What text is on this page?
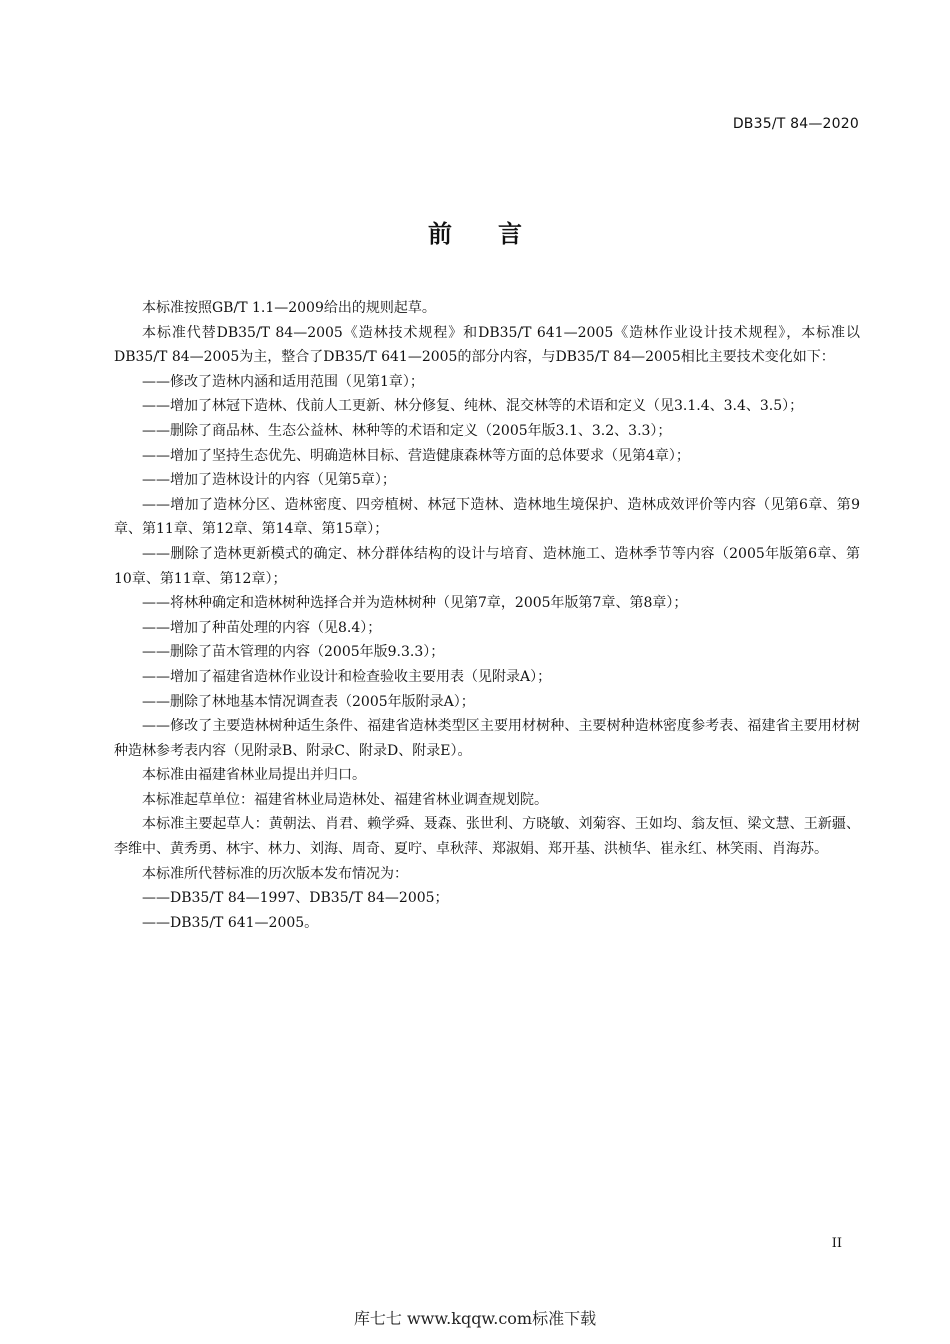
DB35/T 84—2020
前 言

本标准按照GB/T 1.1—2009给出的规则起草。

本标准代替DB35/T 84—2005《造林技术规程》和DB35/T 641—2005《造林作业设计技术规程》，本标准以DB35/T 84—2005为主，整合了DB35/T 641—2005的部分内容，与DB35/T 84—2005相比主要技术变化如下：

——修改了造林内涵和适用范围（见第1章）；

——增加了林冠下造林、伐前人工更新、林分修复、纯林、混交林等的术语和定义（见3.1.4、3.4、3.5）；

——删除了商品林、生态公益林、林种等的术语和定义（2005年版3.1、3.2、3.3）；

——增加了坚持生态优先、明确造林目标、营造健康森林等方面的总体要求（见第4章）；

——增加了造林设计的内容（见第5章）；

——增加了造林分区、造林密度、四旁植树、林冠下造林、造林地生境保护、造林成效评价等内容（见第6章、第9章、第11章、第12章、第14章、第15章）；

——删除了造林更新模式的确定、林分群体结构的设计与培育、造林施工、造林季节等内容（2005年版第6章、第10章、第11章、第12章）；

——将林种确定和造林树种选择合并为造林树种（见第7章，2005年版第7章、第8章）；

——增加了种苗处理的内容（见8.4）；

——删除了苗木管理的内容（2005年版9.3.3）；

——增加了福建省造林作业设计和检查验收主要用表（见附录A）；

——删除了林地基本情况调查表（2005年版附录A）；

——修改了主要造林树种适生条件、福建省造林类型区主要用材树种、主要树种造林密度参考表、福建省主要用材树种造林参考表内容（见附录B、附录C、附录D、附录E）。

本标准由福建省林业局提出并归口。

本标准起草单位：福建省林业局造林处、福建省林业调查规划院。

本标准主要起草人：黄朝法、肖君、赖学舜、聂森、张世利、方晓敏、刘菊容、王如均、翁友恒、梁文慧、王新疆、李维中、黄秀勇、林宇、林力、刘海、周奇、夏咛、卓秋萍、郑淑娟、郑开基、洪桢华、崔永红、林笑雨、肖海苏。

本标准所代替标准的历次版本发布情况为：

——DB35/T 84—1997、DB35/T 84—2005；

——DB35/T 641—2005。

II
库七七 www.kqqw.com标准下载
